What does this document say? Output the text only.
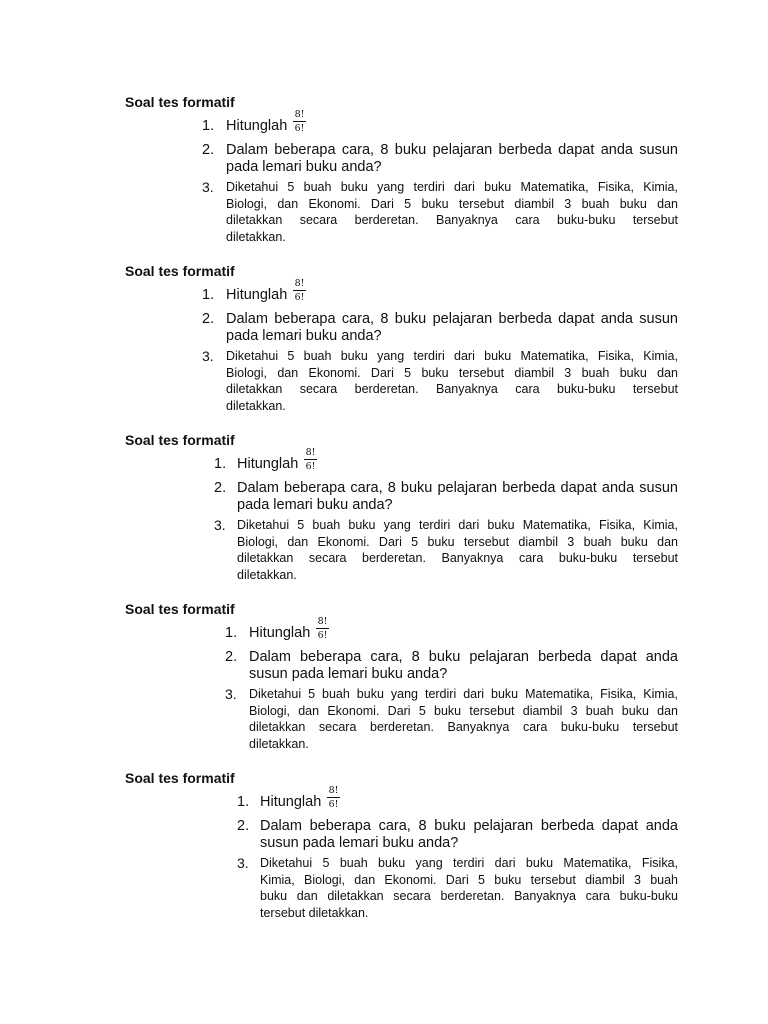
Soal tes formatif
1. Hitunglah
8!
6!
2. Dalam beberapa cara, 8 buku pelajaran berbeda dapat anda susun
pada lemari buku anda?
3. Diketahui 5 buah buku yang terdiri dari buku Matematika, Fisika, Kimia,
Biologi, dan Ekonomi. Dari 5 buku tersebut diambil 3 buah buku dan
diletakkan secara berderetan. Banyaknya cara buku-buku tersebut
diletakkan.
Soal tes formatif
1. Hitunglah
8!
6!
2. Dalam beberapa cara, 8 buku pelajaran berbeda dapat anda susun
pada lemari buku anda?
3. Diketahui 5 buah buku yang terdiri dari buku Matematika, Fisika, Kimia,
Biologi, dan Ekonomi. Dari 5 buku tersebut diambil 3 buah buku dan
diletakkan secara berderetan. Banyaknya cara buku-buku tersebut
diletakkan.
Soal tes formatif
1. Hitunglah
8!
6!
2. Dalam beberapa cara, 8 buku pelajaran berbeda dapat anda susun
pada lemari buku anda?
3. Diketahui 5 buah buku yang terdiri dari buku Matematika, Fisika, Kimia,
Biologi, dan Ekonomi. Dari 5 buku tersebut diambil 3 buah buku dan
diletakkan secara berderetan. Banyaknya cara buku-buku tersebut
diletakkan.
Soal tes formatif
1. Hitunglah
8!
6!
2. Dalam beberapa cara, 8 buku pelajaran berbeda dapat anda
susun pada lemari buku anda?
3. Diketahui 5 buah buku yang terdiri dari buku Matematika, Fisika, Kimia,
Biologi, dan Ekonomi. Dari 5 buku tersebut diambil 3 buah buku dan
diletakkan secara berderetan. Banyaknya cara buku-buku tersebut
diletakkan.
Soal tes formatif
1. Hitunglah
8!
6!
2. Dalam beberapa cara, 8 buku pelajaran berbeda dapat anda
susun pada lemari buku anda?
3. Diketahui 5 buah buku yang terdiri dari buku Matematika, Fisika,
Kimia, Biologi, dan Ekonomi. Dari 5 buku tersebut diambil 3 buah
buku dan diletakkan secara berderetan. Banyaknya cara buku-buku
tersebut diletakkan.
